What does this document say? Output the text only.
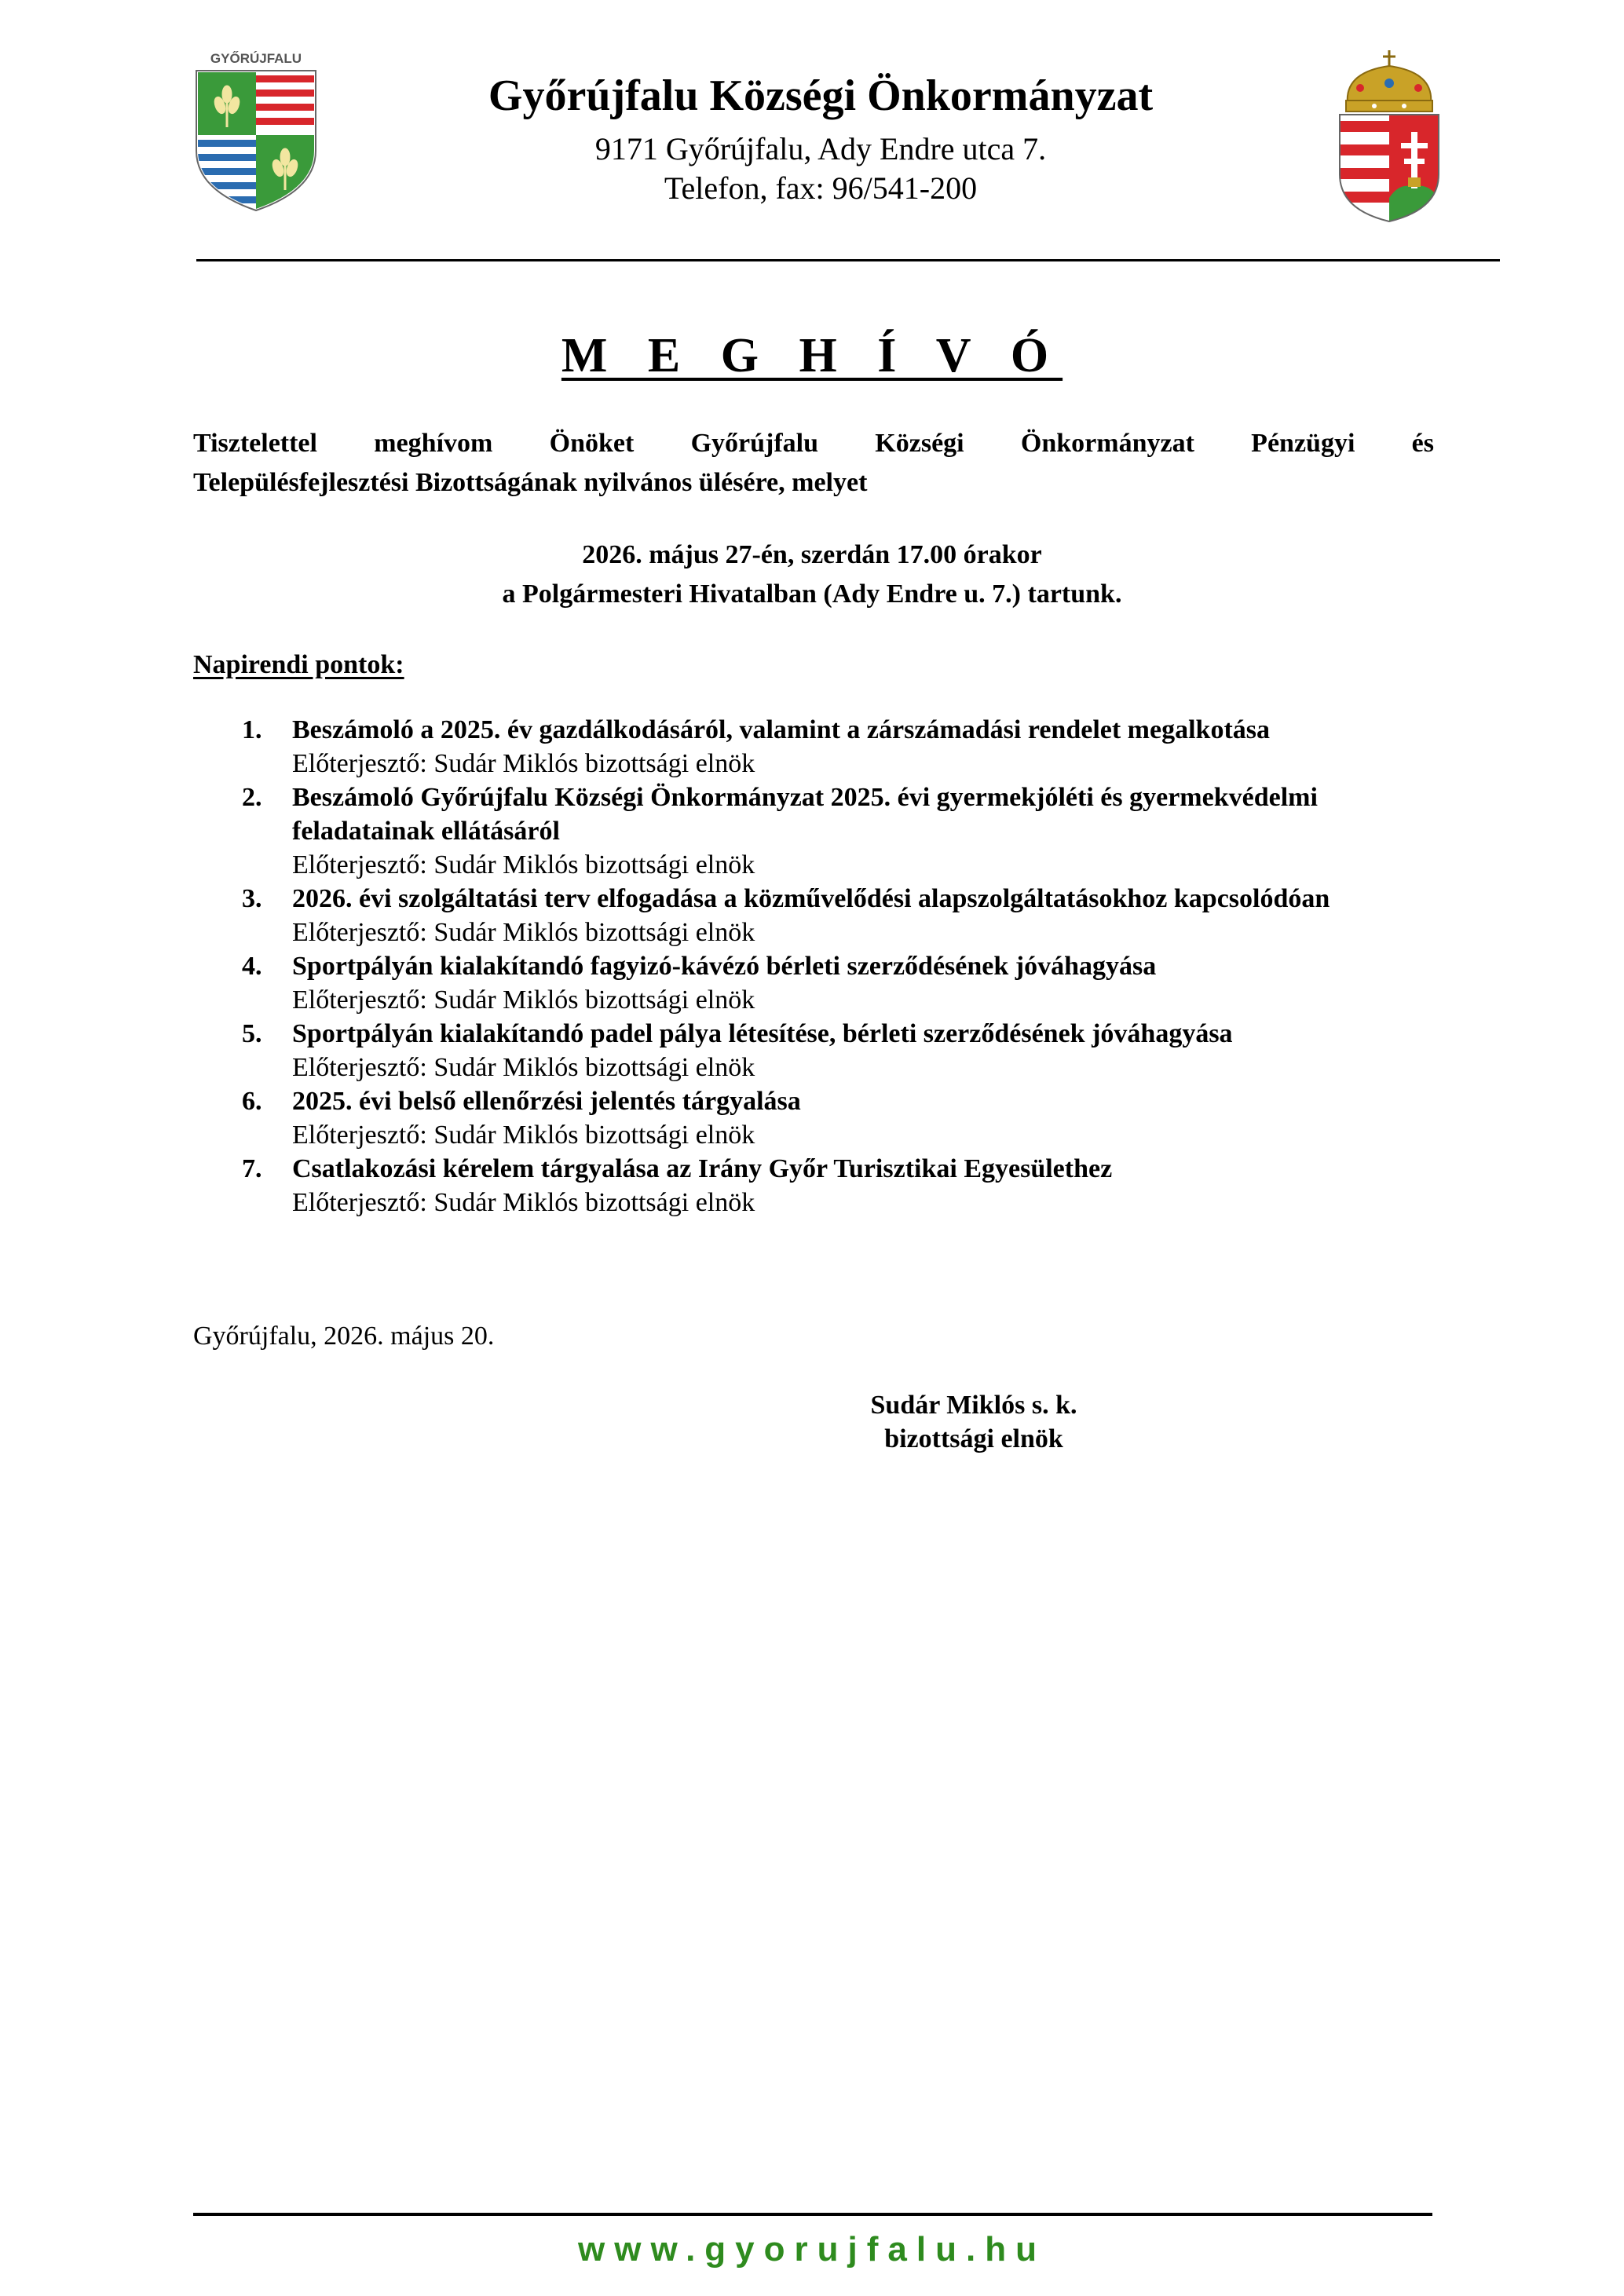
GYŐRÚJFALU
Győrújfalu Községi Önkormányzat
9171 Győrújfalu, Ady Endre utca 7.
Telefon, fax: 96/541-200
M E G H Í V Ó
Tisztelettel meghívom Önöket Győrújfalu Községi Önkormányzat Pénzügyi és
Településfejlesztési Bizottságának nyilvános ülésére, melyet
2026. május 27-én, szerdán 17.00 órakor
a Polgármesteri Hivatalban (Ady Endre u. 7.) tartunk.
Napirendi pontok:
1. Beszámoló a 2025. év gazdálkodásáról, valamint a zárszámadási rendelet megalkotása
Előterjesztő: Sudár Miklós bizottsági elnök
2. Beszámoló Győrújfalu Községi Önkormányzat 2025. évi gyermekjóléti és gyermekvédelmi feladatainak ellátásáról
Előterjesztő: Sudár Miklós bizottsági elnök
3. 2026. évi szolgáltatási terv elfogadása a közművelődési alapszolgáltatásokhoz kapcsolódóan
Előterjesztő: Sudár Miklós bizottsági elnök
4. Sportpályán kialakítandó fagyizó-kávézó bérleti szerződésének jóváhagyása
Előterjesztő: Sudár Miklós bizottsági elnök
5. Sportpályán kialakítandó padel pálya létesítése, bérleti szerződésének jóváhagyása
Előterjesztő: Sudár Miklós bizottsági elnök
6. 2025. évi belső ellenőrzési jelentés tárgyalása
Előterjesztő: Sudár Miklós bizottsági elnök
7. Csatlakozási kérelem tárgyalása az Irány Győr Turisztikai Egyesülethez
Előterjesztő: Sudár Miklós bizottsági elnök
Győrújfalu, 2026. május 20.
Sudár Miklós s. k.
bizottsági elnök
www.gyorujfalu.hu
